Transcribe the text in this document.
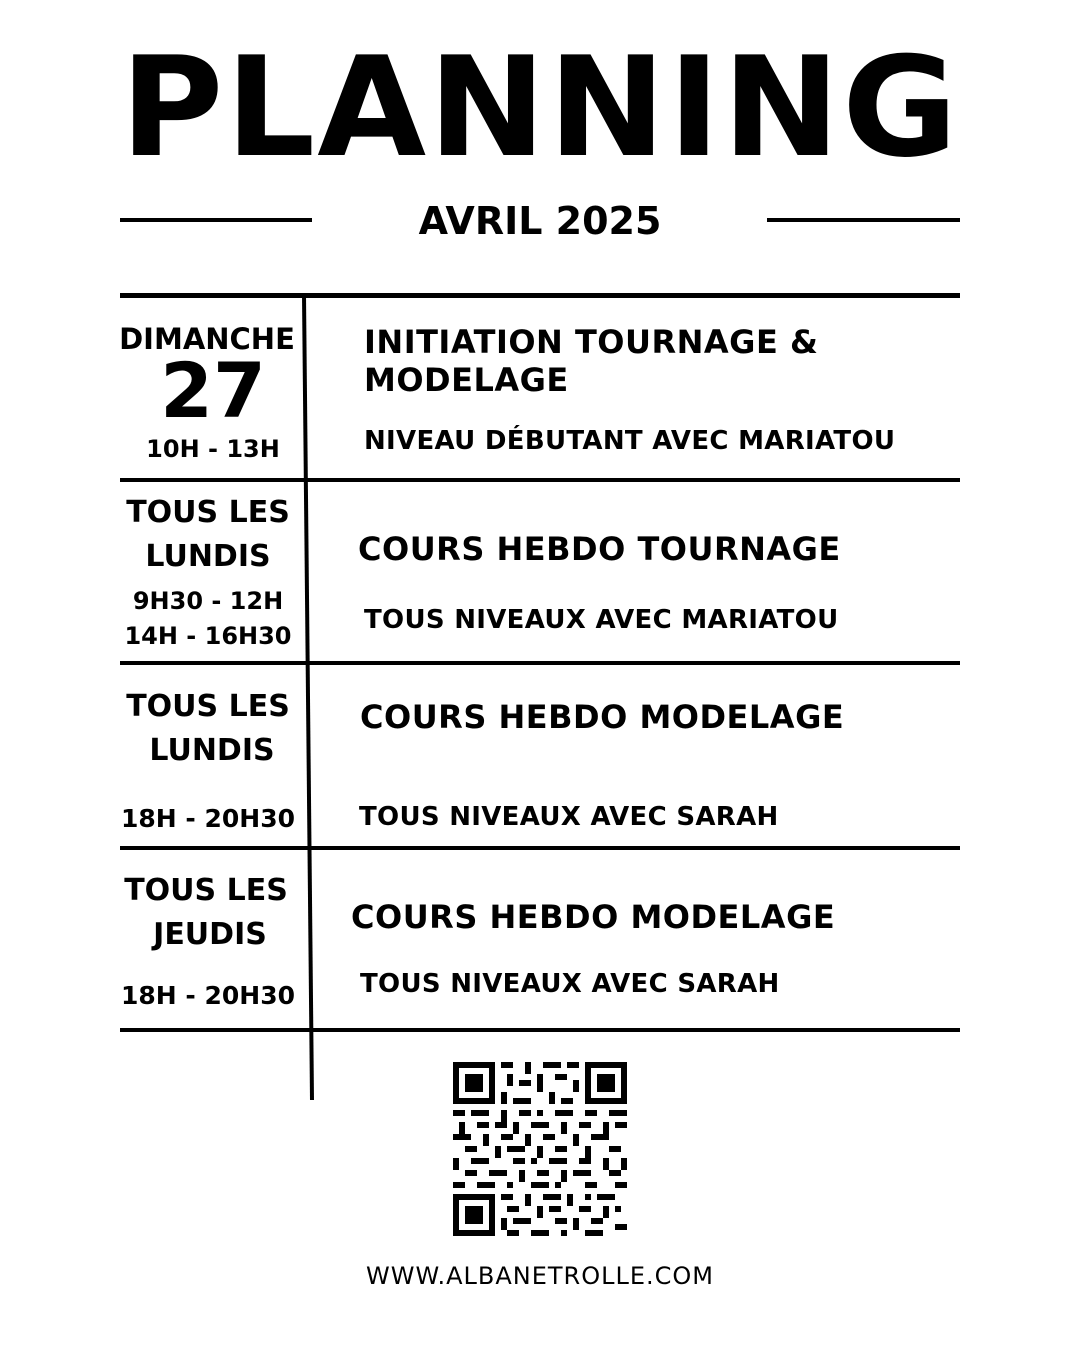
PLANNING
AVRIL 2025
DIMANCHE
27
10H - 13H
INITIATION TOURNAGE &
MODELAGE
NIVEAU DÉBUTANT AVEC MARIATOU
TOUS LES
LUNDIS
9H30 - 12H
14H - 16H30
COURS HEBDO TOURNAGE
TOUS NIVEAUX AVEC MARIATOU
TOUS LES
LUNDIS
18H - 20H30
COURS HEBDO MODELAGE
TOUS NIVEAUX AVEC SARAH
TOUS LES
JEUDIS
18H - 20H30
COURS HEBDO MODELAGE
TOUS NIVEAUX AVEC SARAH
WWW.ALBANETROLLE.COM
